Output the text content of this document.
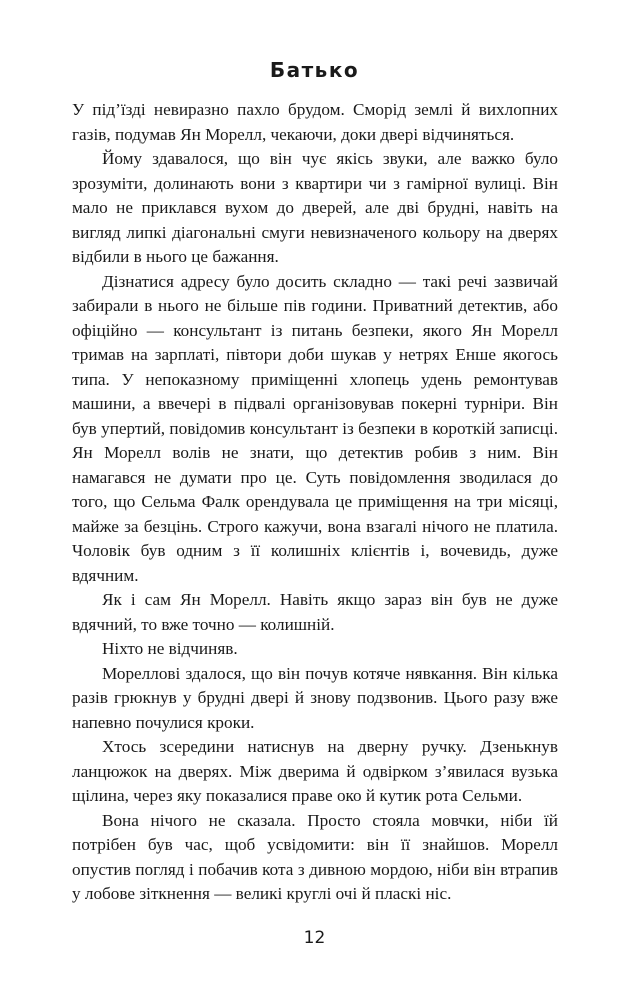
Батько

У під’їзді невиразно пахло брудом. Сморід землі й вихлопних газів, подумав Ян Морелл, чекаючи, доки двері відчиняться.

Йому здавалося, що він чує якісь звуки, але важко було зрозуміти, долинають вони з квартири чи з гамірної вулиці. Він мало не приклався вухом до дверей, але дві брудні, навіть на вигляд липкі діагональні смуги невизначеного кольору на дверях відбили в нього це бажання.

Дізнатися адресу було досить складно — такі речі зазвичай забирали в нього не більше пів години. Приватний детектив, або офіційно — консультант із питань безпеки, якого Ян Морелл тримав на зарплаті, півтори доби шукав у нетрях Енше якогось типа. У непоказному приміщенні хлопець удень ремонтував машини, а ввечері в підвалі організовував покерні турніри. Він був упертий, повідомив консультант із безпеки в короткій записці. Ян Морелл волів не знати, що детектив робив з ним. Він намагався не думати про це. Суть повідомлення зводилася до того, що Сельма Фалк орендувала це приміщення на три місяці, майже за безцінь. Строго кажучи, вона взагалі нічого не платила. Чоловік був одним з її колишніх клієнтів і, вочевидь, дуже вдячним.

Як і сам Ян Морелл. Навіть якщо зараз він був не дуже вдячний, то вже точно — колишній.

Ніхто не відчиняв.

Мореллові здалося, що він почув котяче нявкання. Він кілька разів грюкнув у брудні двері й знову подзвонив. Цього разу вже напевно почулися кроки.

Хтось зсередини натиснув на дверну ручку. Дзенькнув ланцюжок на дверях. Між дверима й одвірком з’явилася вузька щілина, через яку показалися праве око й кутик рота Сельми.

Вона нічого не сказала. Просто стояла мовчки, ніби їй потрібен був час, щоб усвідомити: він її знайшов. Морелл опустив погляд і побачив кота з дивною мордою, ніби він втрапив у лобове зіткнення — великі круглі очі й пласкі ніс.

12
